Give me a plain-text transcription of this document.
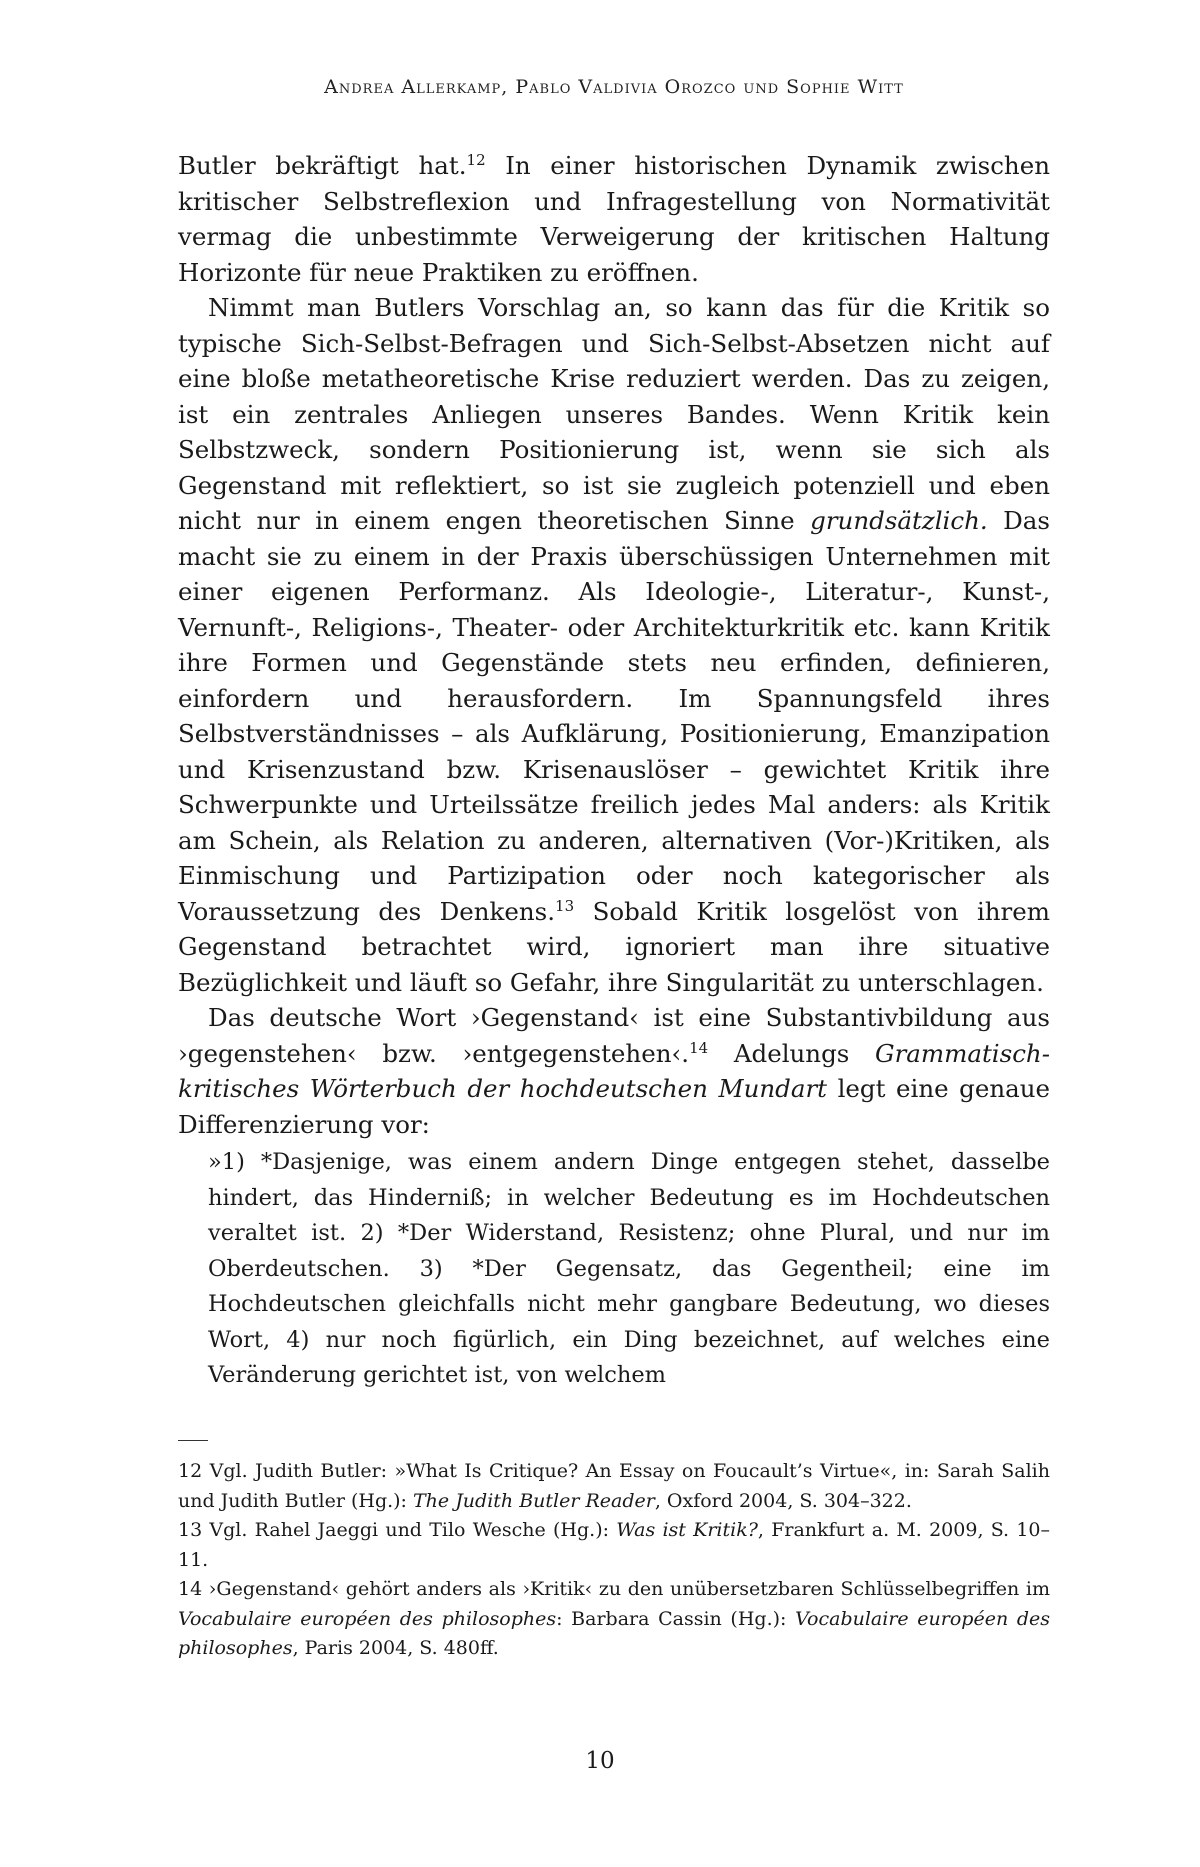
Andrea Allerkamp, Pablo Valdivia Orozco und Sophie Witt

Butler bekräftigt hat.$^{12}$ In einer historischen Dynamik zwischen kritischer Selbstreflexion und Infragestellung von Normativität vermag die unbestimmte Verweigerung der kritischen Haltung Horizonte für neue Praktiken zu eröffnen.

Nimmt man Butlers Vorschlag an, so kann das für die Kritik so typische Sich-Selbst-Befragen und Sich-Selbst-Absetzen nicht auf eine bloße metatheoretische Krise reduziert werden. Das zu zeigen, ist ein zentrales Anliegen unseres Bandes. Wenn Kritik kein Selbstzweck, sondern Positionierung ist, wenn sie sich als Gegenstand mit reflektiert, so ist sie zugleich potenziell und eben nicht nur in einem engen theoretischen Sinne grundsätzlich. Das macht sie zu einem in der Praxis überschüssigen Unternehmen mit einer eigenen Performanz. Als Ideologie-, Literatur-, Kunst-, Vernunft-, Religions-, Theater- oder Architekturkritik etc. kann Kritik ihre Formen und Gegenstände stets neu erfinden, definieren, einfordern und herausfordern. Im Spannungsfeld ihres Selbstverständnisses – als Aufklärung, Positionierung, Emanzipation und Krisenzustand bzw. Krisenauslöser – gewichtet Kritik ihre Schwerpunkte und Urteilssätze freilich jedes Mal anders: als Kritik am Schein, als Relation zu anderen, alternativen (Vor-)Kritiken, als Einmischung und Partizipation oder noch kategorischer als Voraussetzung des Denkens.$^{13}$ Sobald Kritik losgelöst von ihrem Gegenstand betrachtet wird, ignoriert man ihre situative Bezüglichkeit und läuft so Gefahr, ihre Singularität zu unterschlagen.

Das deutsche Wort ›Gegenstand‹ ist eine Substantivbildung aus ›gegenstehen‹ bzw. ›entgegenstehen‹.$^{14}$ Adelungs Grammatisch-kritisches Wörterbuch der hochdeutschen Mundart legt eine genaue Differenzierung vor:

»1) *Dasjenige, was einem andern Dinge entgegen stehet, dasselbe hindert, das Hinderniß; in welcher Bedeutung es im Hochdeutschen veraltet ist. 2) *Der Widerstand, Resistenz; ohne Plural, und nur im Oberdeutschen. 3) *Der Gegensatz, das Gegentheil; eine im Hochdeutschen gleichfalls nicht mehr gangbare Bedeutung, wo dieses Wort, 4) nur noch figürlich, ein Ding bezeichnet, auf welches eine Veränderung gerichtet ist, von welchem

12 Vgl. Judith Butler: »What Is Critique? An Essay on Foucault’s Virtue«, in: Sarah Salih und Judith Butler (Hg.): The Judith Butler Reader, Oxford 2004, S. 304–322.

13 Vgl. Rahel Jaeggi und Tilo Wesche (Hg.): Was ist Kritik?, Frankfurt a. M. 2009, S. 10–11.

14 ›Gegenstand‹ gehört anders als ›Kritik‹ zu den unübersetzbaren Schlüsselbegriffen im Vocabulaire européen des philosophes: Barbara Cassin (Hg.): Vocabulaire européen des philosophes, Paris 2004, S. 480ff.

10
